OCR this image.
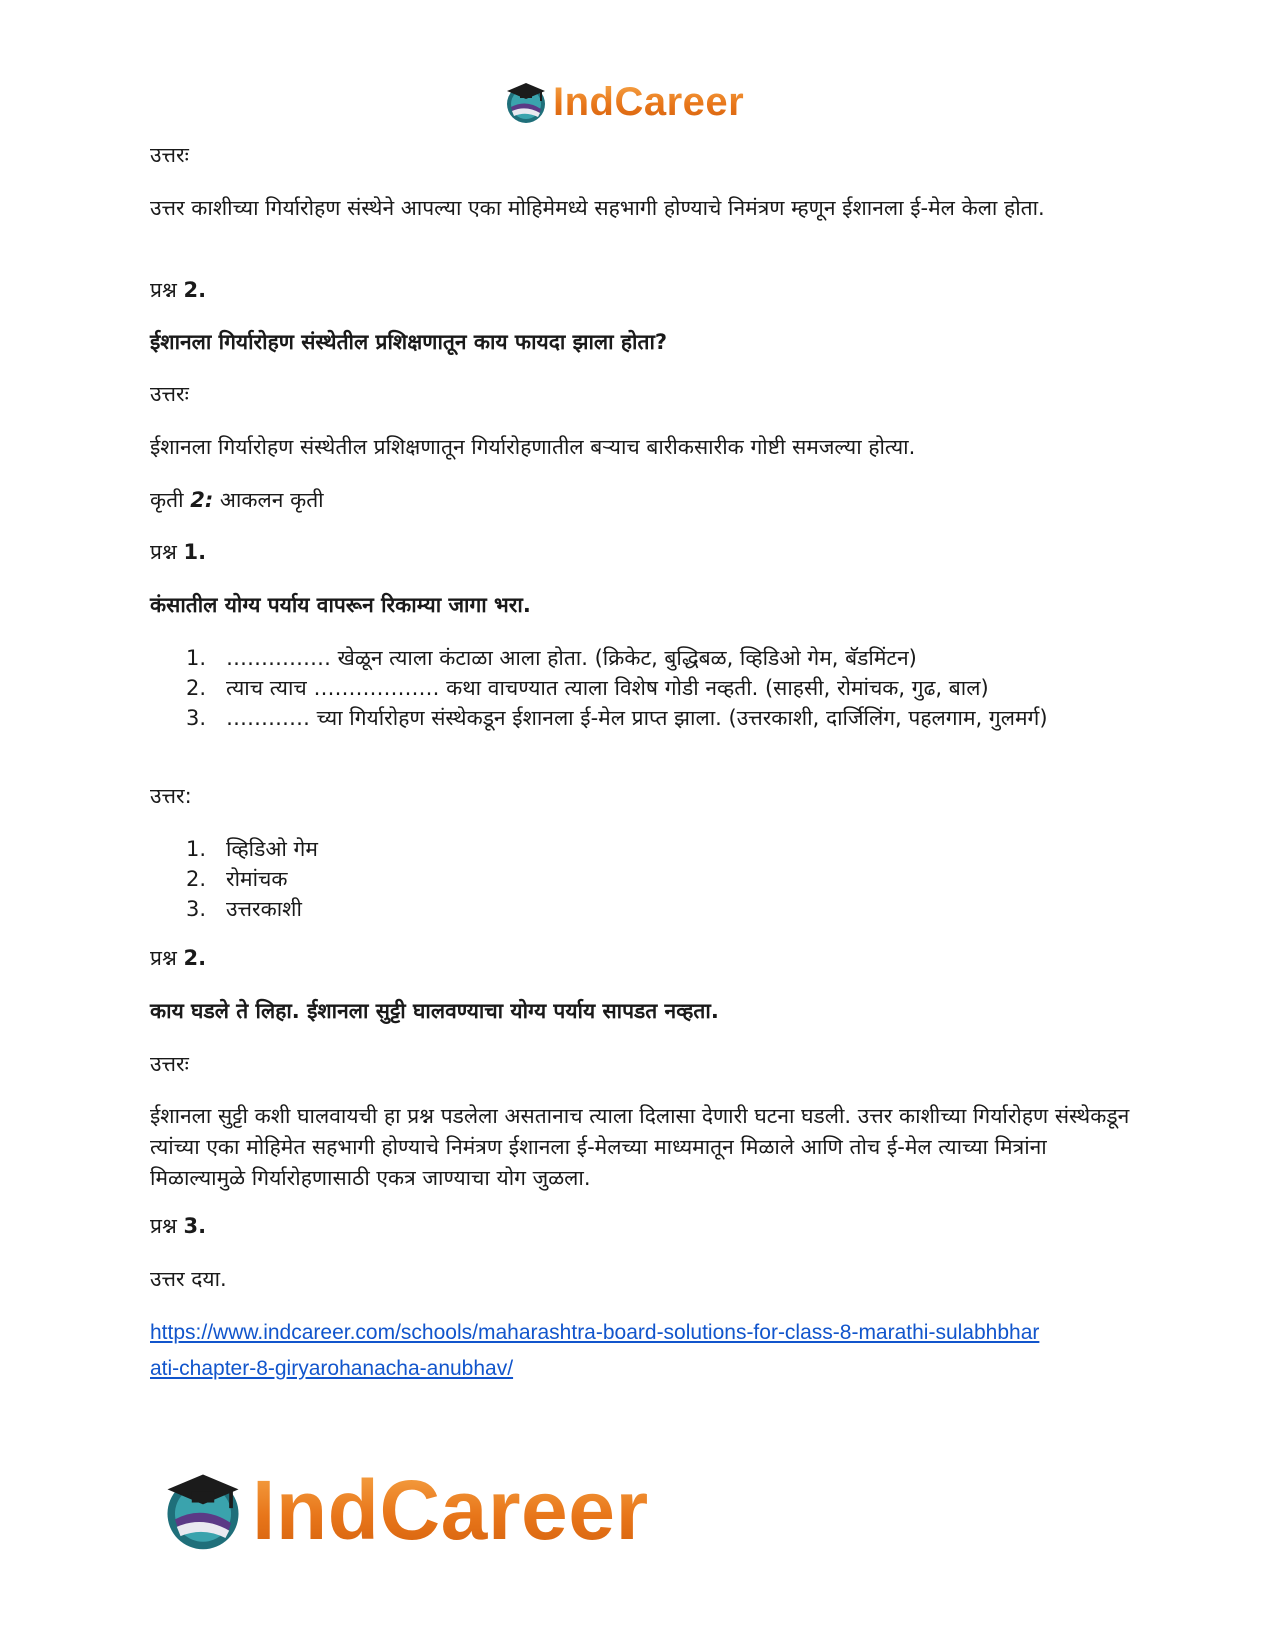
IndCareer

उत्तरः

उत्तर काशीच्या गिर्यारोहण संस्थेने आपल्या एका मोहिमेमध्ये सहभागी होण्याचे निमंत्रण म्हणून ईशानला ई-मेल केला होता.

प्रश्न 2.

ईशानला गिर्यारोहण संस्थेतील प्रशिक्षणातून काय फायदा झाला होता?

उत्तरः

ईशानला गिर्यारोहण संस्थेतील प्रशिक्षणातून गिर्यारोहणातील बऱ्याच बारीकसारीक गोष्टी समजल्या होत्या.

कृती 2: आकलन कृती

प्रश्न 1.

कंसातील योग्य पर्याय वापरून रिकाम्या जागा भरा.

1. …………… खेळून त्याला कंटाळा आला होता. (क्रिकेट, बुद्धिबळ, व्हिडिओ गेम, बॅडमिंटन)
2. त्याच त्याच ……………… कथा वाचण्यात त्याला विशेष गोडी नव्हती. (साहसी, रोमांचक, गुढ, बाल)
3. ………… च्या गिर्यारोहण संस्थेकडून ईशानला ई-मेल प्राप्त झाला. (उत्तरकाशी, दार्जिलिंग, पहलगाम, गुलमर्ग)

उत्तर:

1. व्हिडिओ गेम
2. रोमांचक
3. उत्तरकाशी

प्रश्न 2.

काय घडले ते लिहा. ईशानला सुट्टी घालवण्याचा योग्य पर्याय सापडत नव्हता.

उत्तरः

ईशानला सुट्टी कशी घालवायची हा प्रश्न पडलेला असतानाच त्याला दिलासा देणारी घटना घडली. उत्तर काशीच्या गिर्यारोहण संस्थेकडून त्यांच्या एका मोहिमेत सहभागी होण्याचे निमंत्रण ईशानला ई-मेलच्या माध्यमातून मिळाले आणि तोच ई-मेल त्याच्या मित्रांना मिळाल्यामुळे गिर्यारोहणासाठी एकत्र जाण्याचा योग जुळला.

प्रश्न 3.

उत्तर दया.

https://www.indcareer.com/schools/maharashtra-board-solutions-for-class-8-marathi-sulabhbhar
ati-chapter-8-giryarohanacha-anubhav/
IndCareer
